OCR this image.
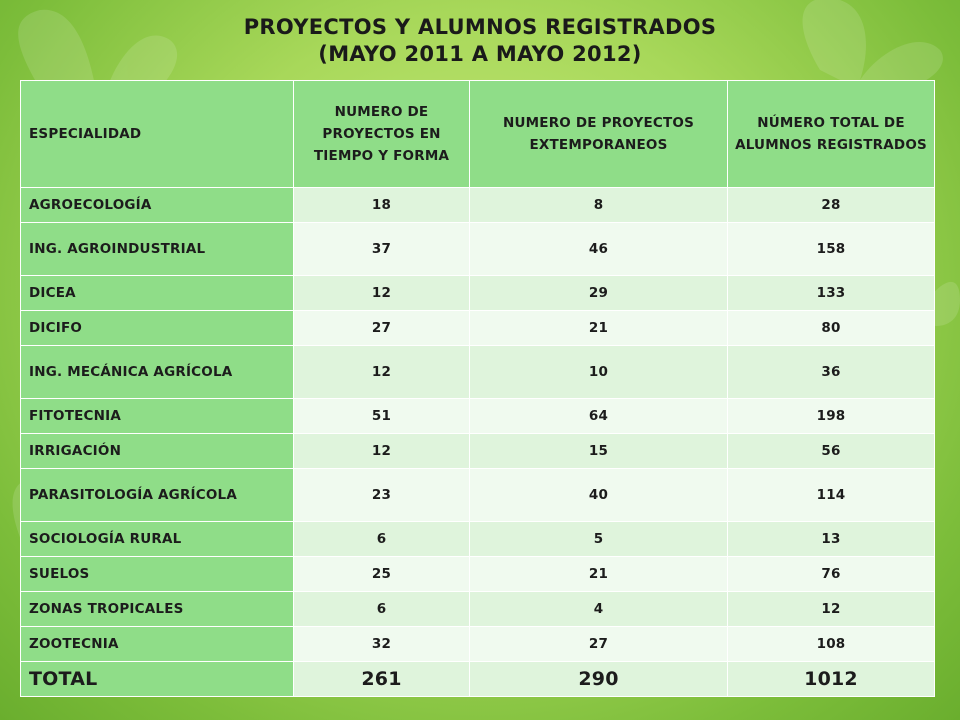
PROYECTOS Y ALUMNOS REGISTRADOS
(MAYO 2011 A MAYO 2012)
ESPECIALIDAD	NUMERO DE PROYECTOS EN TIEMPO Y FORMA	NUMERO DE PROYECTOS EXTEMPORANEOS	NÚMERO TOTAL DE ALUMNOS REGISTRADOS
AGROECOLOGÍA	18	8	28
ING. AGROINDUSTRIAL	37	46	158
DICEA	12	29	133
DICIFO	27	21	80
ING. MECÁNICA AGRÍCOLA	12	10	36
FITOTECNIA	51	64	198
IRRIGACIÓN	12	15	56
PARASITOLOGÍA AGRÍCOLA	23	40	114
SOCIOLOGÍA RURAL	6	5	13
SUELOS	25	21	76
ZONAS TROPICALES	6	4	12
ZOOTECNIA	32	27	108
TOTAL	261	290	1012
